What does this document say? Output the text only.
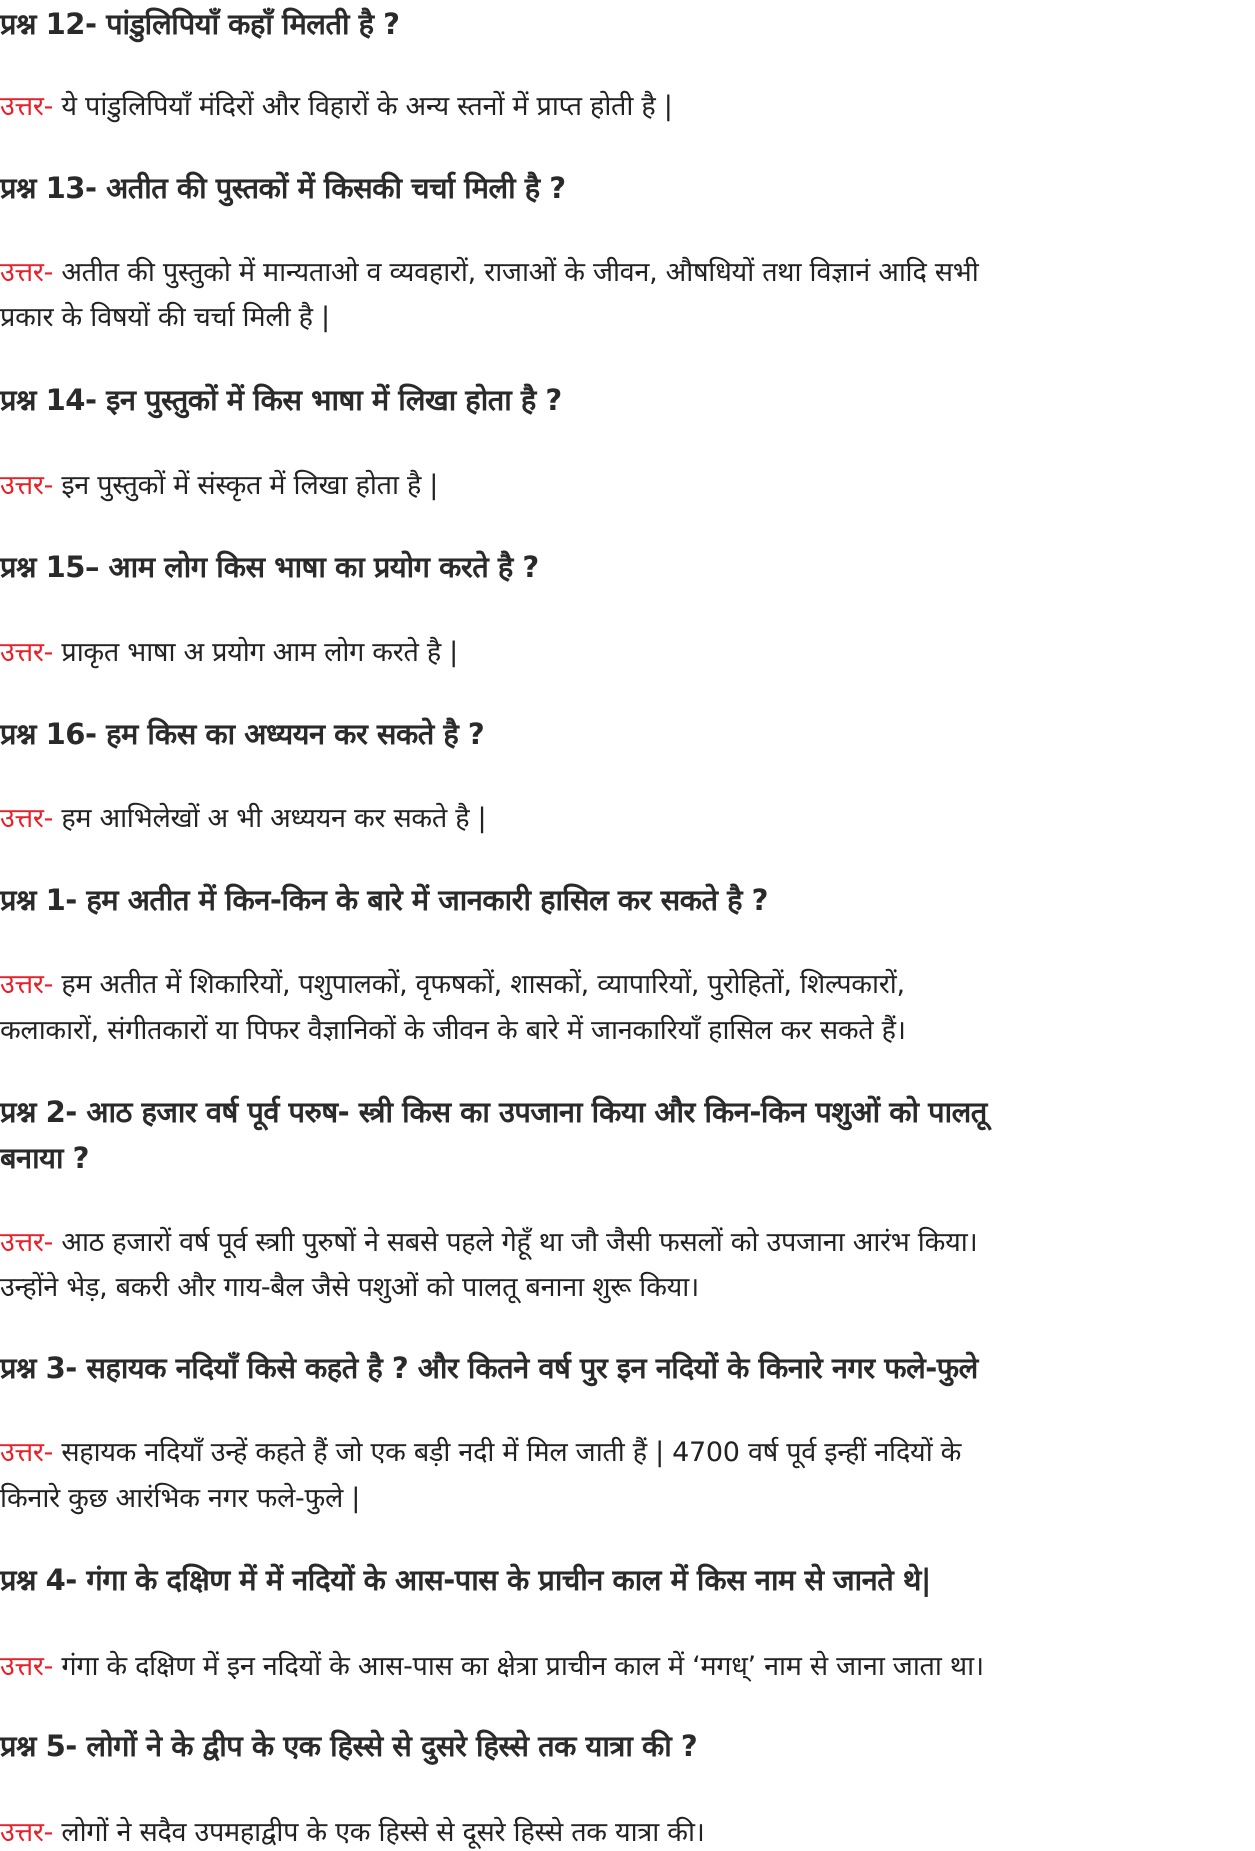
प्रश्न 12- पांडुलिपियाँ कहाँ मिलती है ?
उत्तर- ये पांडुलिपियाँ मंदिरों और विहारों के अन्य स्तनों में प्राप्त होती है |
प्रश्न 13- अतीत की पुस्तकों में किसकी चर्चा मिली है ?
उत्तर- अतीत की पुस्तुको में मान्यताओ व व्यवहारों, राजाओं के जीवन, औषधियों तथा विज्ञानं आदि सभी
प्रकार के विषयों की चर्चा मिली है |
प्रश्न 14- इन पुस्तुकों में किस भाषा में लिखा होता है ?
उत्तर- इन पुस्तुकों में संस्कृत में लिखा होता है |
प्रश्न 15– आम लोग किस भाषा का प्रयोग करते है ?
उत्तर- प्राकृत भाषा अ प्रयोग आम लोग करते है |
प्रश्न 16- हम किस का अध्ययन कर सकते है ?
उत्तर- हम आभिलेखों अ भी अध्ययन कर सकते है |
प्रश्न 1- हम अतीत में किन-किन के बारे में जानकारी हासिल कर सकते है ?
उत्तर- हम अतीत में शिकारियों, पशुपालकों, वृफषकों, शासकों, व्यापारियों, पुरोहितों, शिल्पकारों,
कलाकारों, संगीतकारों या पिफर वैज्ञानिकों के जीवन के बारे में जानकारियाँ हासिल कर सकते हैं।
प्रश्न 2- आठ हजार वर्ष पूर्व परुष- स्त्री किस का उपजाना किया और किन-किन पशुओं को पालतू
बनाया ?
उत्तर- आठ हजारों वर्ष पूर्व स्त्राी पुरुषों ने सबसे पहले गेहूँ था जौ जैसी फसलों को उपजाना आरंभ किया।
उन्होंने भेड़, बकरी और गाय-बैल जैसे पशुओं को पालतू बनाना शुरू किया।
प्रश्न 3- सहायक नदियाँ किसे कहते है ? और कितने वर्ष पुर इन नदियों के किनारे नगर फले-फुले
उत्तर- सहायक नदियाँ उन्हें कहते हैं जो एक बड़ी नदी में मिल जाती हैं | 4700 वर्ष पूर्व इन्हीं नदियों के
किनारे कुछ आरंभिक नगर फले-फुले |
प्रश्न 4- गंगा के दक्षिण में में नदियों के आस-पास के प्राचीन काल में किस नाम से जानते थे|
उत्तर- गंगा के दक्षिण में इन नदियों के आस-पास का क्षेत्रा प्राचीन काल में ‘मगध्’ नाम से जाना जाता था।
प्रश्न 5- लोगों ने के द्वीप के एक हिस्से से दुसरे हिस्से तक यात्रा की ?
उत्तर- लोगों ने सदैव उपमहाद्वीप के एक हिस्से से दूसरे हिस्से तक यात्रा की।
